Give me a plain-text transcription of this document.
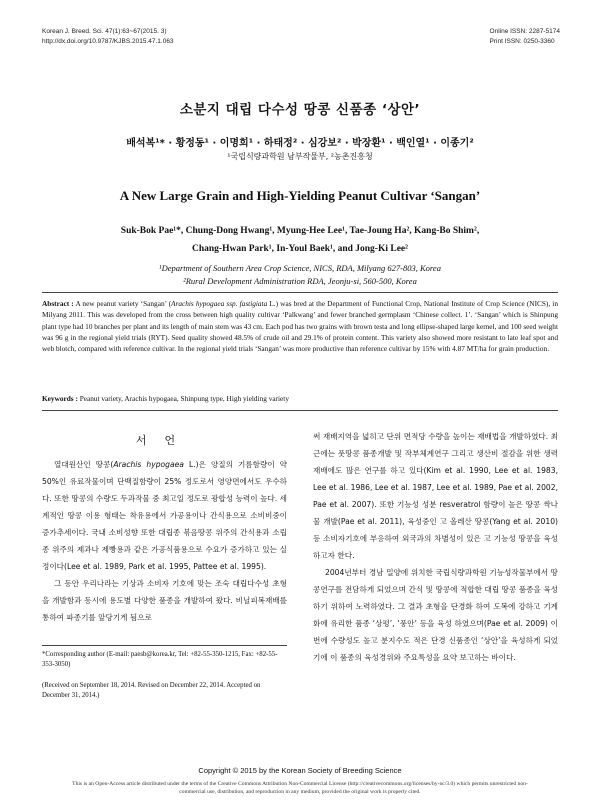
Korean J. Breed. Sci. 47(1):63~67(2015. 3)
http://dx.doi.org/10.9787/KJBS.2015.47.1.063
Online ISSN: 2287-5174
Print ISSN: 0250-3360
소분지 대립 다수성 땅콩 신품종 ‘상안’
배석복¹* · 황정동¹ · 이명희¹ · 하태정² · 심강보² · 박장환¹ · 백인열¹ · 이종기²
¹국립식량과학원 남부작물부, ²농촌진흥청
A New Large Grain and High-Yielding Peanut Cultivar ‘Sangan’
Suk-Bok Pae¹*, Chung-Dong Hwang¹, Myung-Hee Lee¹, Tae-Joung Ha², Kang-Bo Shim²,
Chang-Hwan Park¹, In-Youl Baek¹, and Jong-Ki Lee²
¹Department of Southern Area Crop Science, NICS, RDA, Milyang 627-803, Korea
²Rural Development Administration RDA, Jeonju-si, 560-500, Korea
Abstract : A new peanut variety ‘Sangan’ (Arachis hypogaea ssp. fastigiata L.) was bred at the Department of Functional Crop, National Institute of Crop Science (NICS), in Milyang 2011. This was developed from the cross between high quality cultivar ‘Palkwang’ and fewer branched germplasm ‘Chinese collect. 1’. ‘Sangan’ which is Shinpung plant type had 10 branches per plant and its length of main stem was 43 cm. Each pod has two grains with brown testa and long ellipse-shaped large kernel, and 100 seed weight was 96 g in the regional yield trials (RYT). Seed quality showed 48.5% of crude oil and 29.1% of protein content. This variety also showed more resistant to late leaf spot and web blotch, compared with reference cultivar. In the regional yield trials ‘Sangan’ was more productive than reference cultivar by 15% with 4.87 MT/ha for grain production.
Keywords : Peanut variety, Arachis hypogaea, Shinpung type, High yielding variety
서언

열대원산인 땅콩(Arachis hypogaea L.)은 양질의 기름함량이 약 50%인 유료작물이며 단백질함량이 25% 정도로서 영양면에서도 우수하다. 또한 땅콩의 수량도 두과작물 중 최고일 정도로 광합성 능력이 높다. 세계적인 땅콩 이용 형태는 착유용에서 가공용이나 간식용으로 소비비중이 증가추세이다. 국내 소비성향 또한 대립종 볶음땅콩 위주의 간식용과 소립종 위주의 제과나 제빵용과 같은 가공식품용으로 수요가 증가하고 있는 실정이다(Lee et al. 1989, Park et al. 1995, Pattee et al. 1995).

그 동안 우리나라는 기상과 소비자 기호에 맞는 조숙 대립다수성 초형을 개발함과 동시에 용도별 다양한 품종을 개발하여 왔다. 비닐피복재배를 통하여 파종기를 앞당기게 됨으로

써 재배지역을 넓히고 단위 면적당 수량을 높이는 재배법을 개발하였다. 최근에는 풋땅콩 품종개발 및 작부체계연구 그리고 생산비 절감을 위한 생력재배에도 많은 연구를 하고 있다(Kim et al. 1990, Lee et al. 1983, Lee et al. 1986, Lee et al. 1987, Lee et al. 1989, Pae et al. 2002, Pae et al. 2007). 또한 기능성 성분 resveratrol 함량이 높은 땅콩 싹나물 개발(Pae et al. 2011), 육성중인 고 올레산 땅콩(Yang et al. 2010) 등 소비자기호에 부응하여 외국과의 차별성이 있은 고 기능성 땅콩을 육성하고자 한다.

2004년부터 경남 밀양에 위치한 국립식량과학원 기능성작물부에서 땅콩연구를 전담하게 되었으며 간식 및 땅콩에 적합한 대립 땅콩 품종을 육성하기 위하여 노력하였다. 그 결과 초형을 단경화 하여 도복에 강하고 기계화에 유리한 품종 ‘상평’, ‘풍안’ 등을 육성 하였으며(Pae et al. 2009) 이번에 수량성도 높고 분지수도 적은 단경 신품종인 ‘상안’을 육성하게 되었기에 이 품종의 육성경위와 주요특성을 요약 보고하는 바이다.

*Corresponding author (E-mail: paesb@korea.kr, Tel: +82-55-350-1215, Fax: +82-55-353-3050)
(Received on September 18, 2014. Revised on December 22, 2014. Accepted on December 31, 2014.)
Copyright © 2015 by the Korean Society of Breeding Science
This is an Open-Access article distributed under the terms of the Creative Commons Attribution Non-Commercial License (http://creativecommons.org/licenses/by-nc/3.0) which permits unrestricted non-commercial use, distribution, and reproduction in any medium, provided the original work is properly cited.
